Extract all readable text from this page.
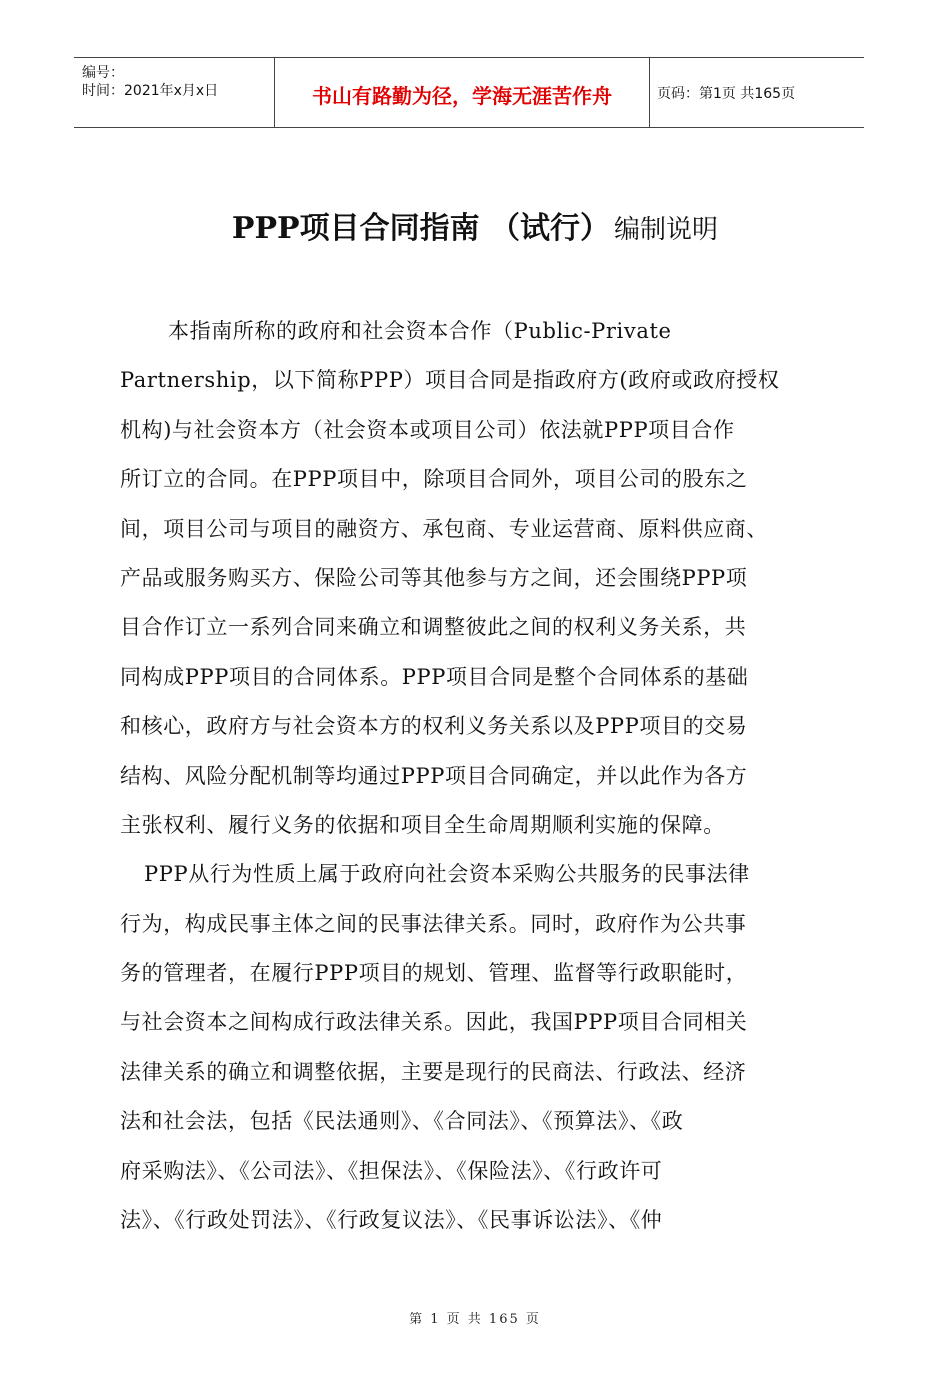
编号：
时间：2021年x月x日	书山有路勤为径，学海无涯苦作舟	页码：第1页 共165页
PPP项目合同指南 （试行） 编制说明
本指南所称的政府和社会资本合作（Public-Private
Partnership，以下简称PPP）项目合同是指政府方(政府或政府授权
机构)与社会资本方（社会资本或项目公司）依法就PPP项目合作
所订立的合同。在PPP项目中，除项目合同外，项目公司的股东之
间，项目公司与项目的融资方、承包商、专业运营商、原料供应商、
产品或服务购买方、保险公司等其他参与方之间，还会围绕PPP项
目合作订立一系列合同来确立和调整彼此之间的权利义务关系，共
同构成PPP项目的合同体系。PPP项目合同是整个合同体系的基础
和核心，政府方与社会资本方的权利义务关系以及PPP项目的交易
结构、风险分配机制等均通过PPP项目合同确定，并以此作为各方
主张权利、履行义务的依据和项目全生命周期顺利实施的保障。
PPP从行为性质上属于政府向社会资本采购公共服务的民事法律
行为，构成民事主体之间的民事法律关系。同时，政府作为公共事
务的管理者，在履行PPP项目的规划、管理、监督等行政职能时，
与社会资本之间构成行政法律关系。因此，我国PPP项目合同相关
法律关系的确立和调整依据，主要是现行的民商法、行政法、经济
法和社会法，包括《民法通则》、《合同法》、《预算法》、《政
府采购法》、《公司法》、《担保法》、《保险法》、《行政许可
法》、《行政处罚法》、《行政复议法》、《民事诉讼法》、《仲
第 1 页 共 165 页
